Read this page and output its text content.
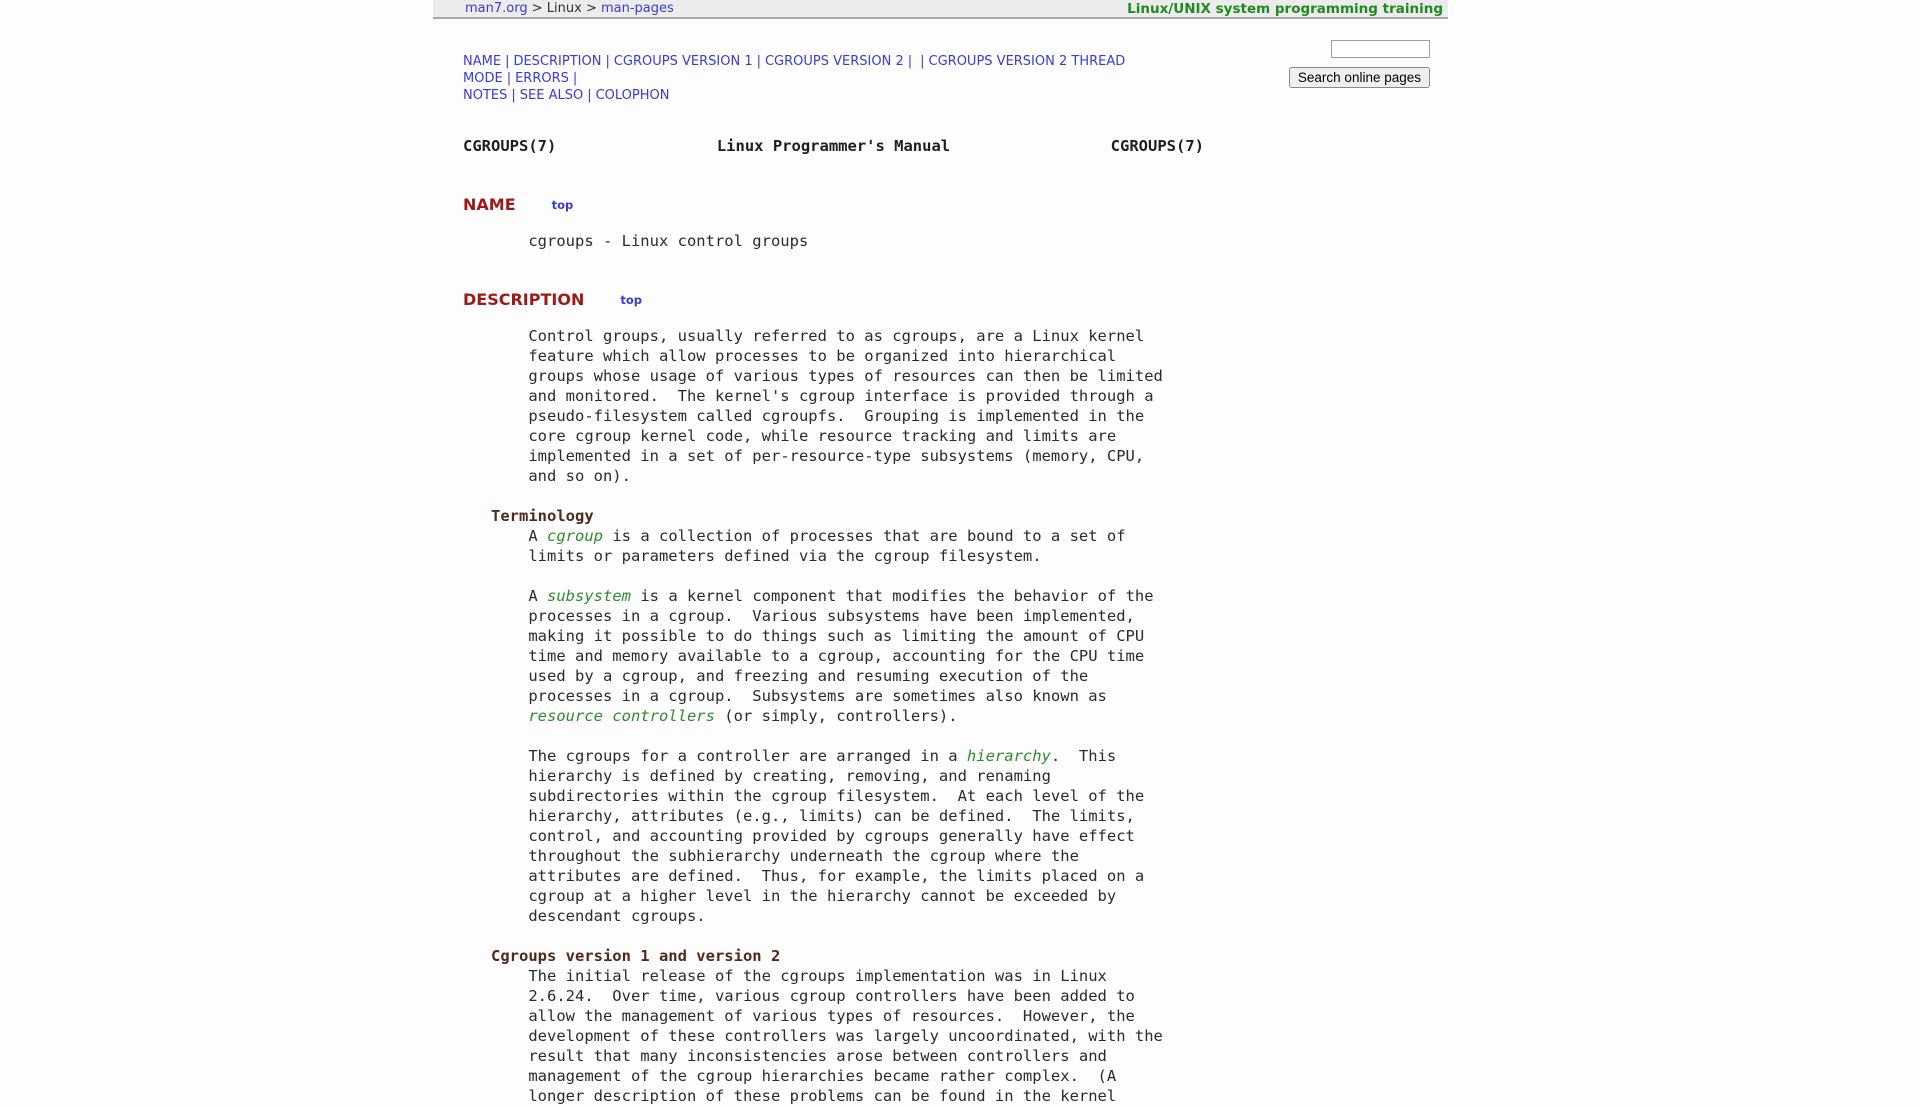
man7.org > Linux > man-pages	Linux/UNIX system programming training
Search online pages
NAME | DESCRIPTION | CGROUPS VERSION 1 | CGROUPS VERSION 2 | | CGROUPS VERSION 2 THREAD MODE | ERRORS |
NOTES | SEE ALSO | COLOPHON
CGROUPS(7)	Linux Programmer's Manual	CGROUPS(7)
NAME	top
cgroups - Linux control groups
DESCRIPTION	top
Control groups, usually referred to as cgroups, are a Linux kernel
feature which allow processes to be organized into hierarchical
groups whose usage of various types of resources can then be limited
and monitored.  The kernel's cgroup interface is provided through a
pseudo-filesystem called cgroupfs.  Grouping is implemented in the
core cgroup kernel code, while resource tracking and limits are
implemented in a set of per-resource-type subsystems (memory, CPU,
and so on).

Terminology
A cgroup is a collection of processes that are bound to a set of
limits or parameters defined via the cgroup filesystem.

A subsystem is a kernel component that modifies the behavior of the
processes in a cgroup.  Various subsystems have been implemented,
making it possible to do things such as limiting the amount of CPU
time and memory available to a cgroup, accounting for the CPU time
used by a cgroup, and freezing and resuming execution of the
processes in a cgroup.  Subsystems are sometimes also known as
resource controllers (or simply, controllers).

The cgroups for a controller are arranged in a hierarchy.  This
hierarchy is defined by creating, removing, and renaming
subdirectories within the cgroup filesystem.  At each level of the
hierarchy, attributes (e.g., limits) can be defined.  The limits,
control, and accounting provided by cgroups generally have effect
throughout the subhierarchy underneath the cgroup where the
attributes are defined.  Thus, for example, the limits placed on a
cgroup at a higher level in the hierarchy cannot be exceeded by
descendant cgroups.

Cgroups version 1 and version 2
The initial release of the cgroups implementation was in Linux
2.6.24.  Over time, various cgroup controllers have been added to
allow the management of various types of resources.  However, the
development of these controllers was largely uncoordinated, with the
result that many inconsistencies arose between controllers and
management of the cgroup hierarchies became rather complex.  (A
longer description of these problems can be found in the kernel
